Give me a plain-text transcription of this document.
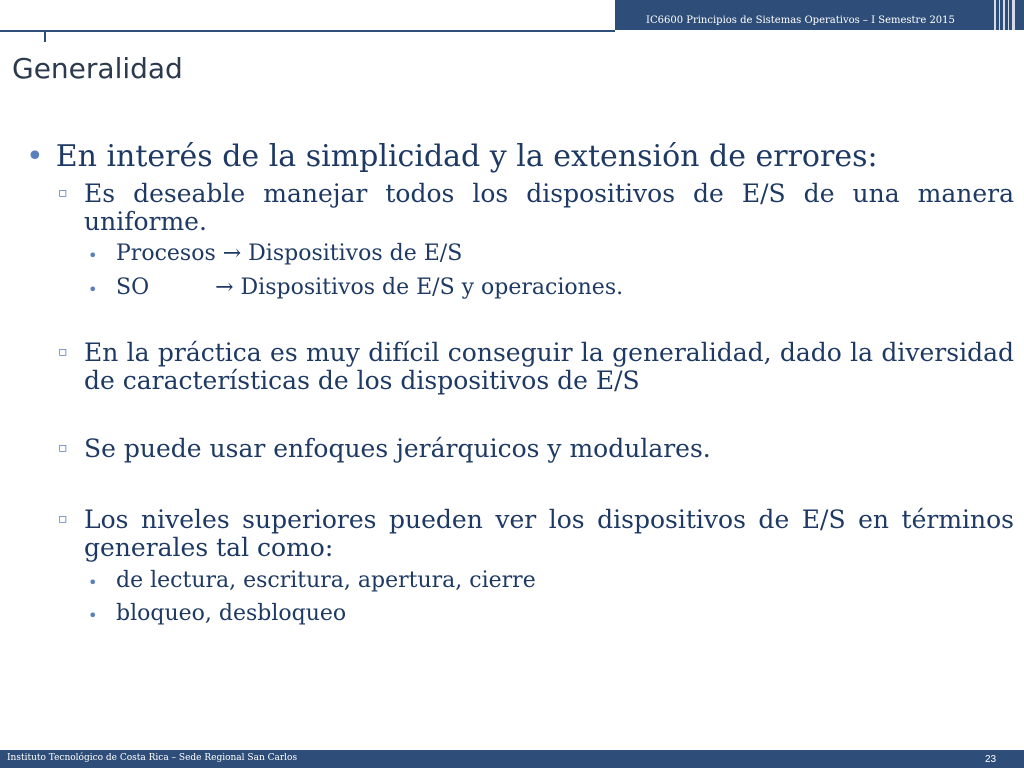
IC6600 Principios de Sistemas Operativos – I Semestre 2015
Generalidad
• En interés de la simplicidad y la extensión de errores:
▫ Es deseable manejar todos los dispositivos de E/S de una manera uniforme.
• Procesos → Dispositivos de E/S
• SO	→ Dispositivos de E/S y operaciones.
▫ En la práctica es muy difícil conseguir la generalidad, dado la diversidad de características de los dispositivos de E/S
▫ Se puede usar enfoques jerárquicos y modulares.
▫ Los niveles superiores pueden ver los dispositivos de E/S en términos generales tal como:
• de lectura, escritura, apertura, cierre
• bloqueo, desbloqueo
Instituto Tecnológico de Costa Rica – Sede Regional San Carlos	23
